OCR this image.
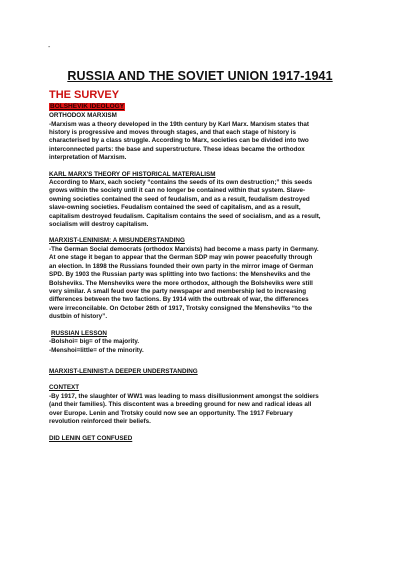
-
RUSSIA AND THE SOVIET UNION 1917-1941
THE SURVEY
BOLSHEVIK IDEOLOGY

ORTHODOX MARXISM

-Marxism was a theory developed in the 19th century by Karl Marx. Marxism states that

history is progressive and moves through stages, and that each stage of history is

characterised by a class struggle. According to Marx, societies can be divided into two

interconnected parts: the base and superstructure. These ideas became the orthodox

interpretation of Marxism.

KARL MARX'S THEORY OF HISTORICAL MATERIALISM

According to Marx, each society “contains the seeds of its own destruction;” this seeds

grows within the society until it can no longer be contained within that system. Slave-

owning societies contained the seed of feudalism, and as a result, feudalism destroyed

slave-owning societies. Feudalism contained the seed of capitalism, and as a result,

capitalism destroyed feudalism. Capitalism contains the seed of socialism, and as a result,

socialism will destroy capitalism.

MARXIST-LENINISM: A MISUNDERSTANDING

-The German Social democrats (orthodox Marxists) had become a mass party in Germany.

At one stage it began to appear that the German SDP may win power peacefully through

an election. In 1898 the Russians founded their own party in the mirror image of German

SPD. By 1903 the Russian party was splitting into two factions: the Mensheviks and the

Bolsheviks. The Mensheviks were the more orthodox, although the Bolsheviks were still

very similar. A small feud over the party newspaper and membership led to increasing

differences between the two factions. By 1914 with the outbreak of war, the differences

were irreconcilable. On October 26th of 1917, Trotsky consigned the Mensheviks “to the

dustbin of history”.

RUSSIAN LESSON

-Bolshoi= big= of the majority.

-Menshoi=little= of the minority.

MARXIST-LENINIST:A DEEPER UNDERSTANDING

CONTEXT

-By 1917, the slaughter of WW1 was leading to mass disillusionment amongst the soldiers

(and their families). This discontent was a breeding ground for new and radical ideas all

over Europe. Lenin and Trotsky could now see an opportunity. The 1917 February

revolution reinforced their beliefs.

DID LENIN GET CONFUSED
